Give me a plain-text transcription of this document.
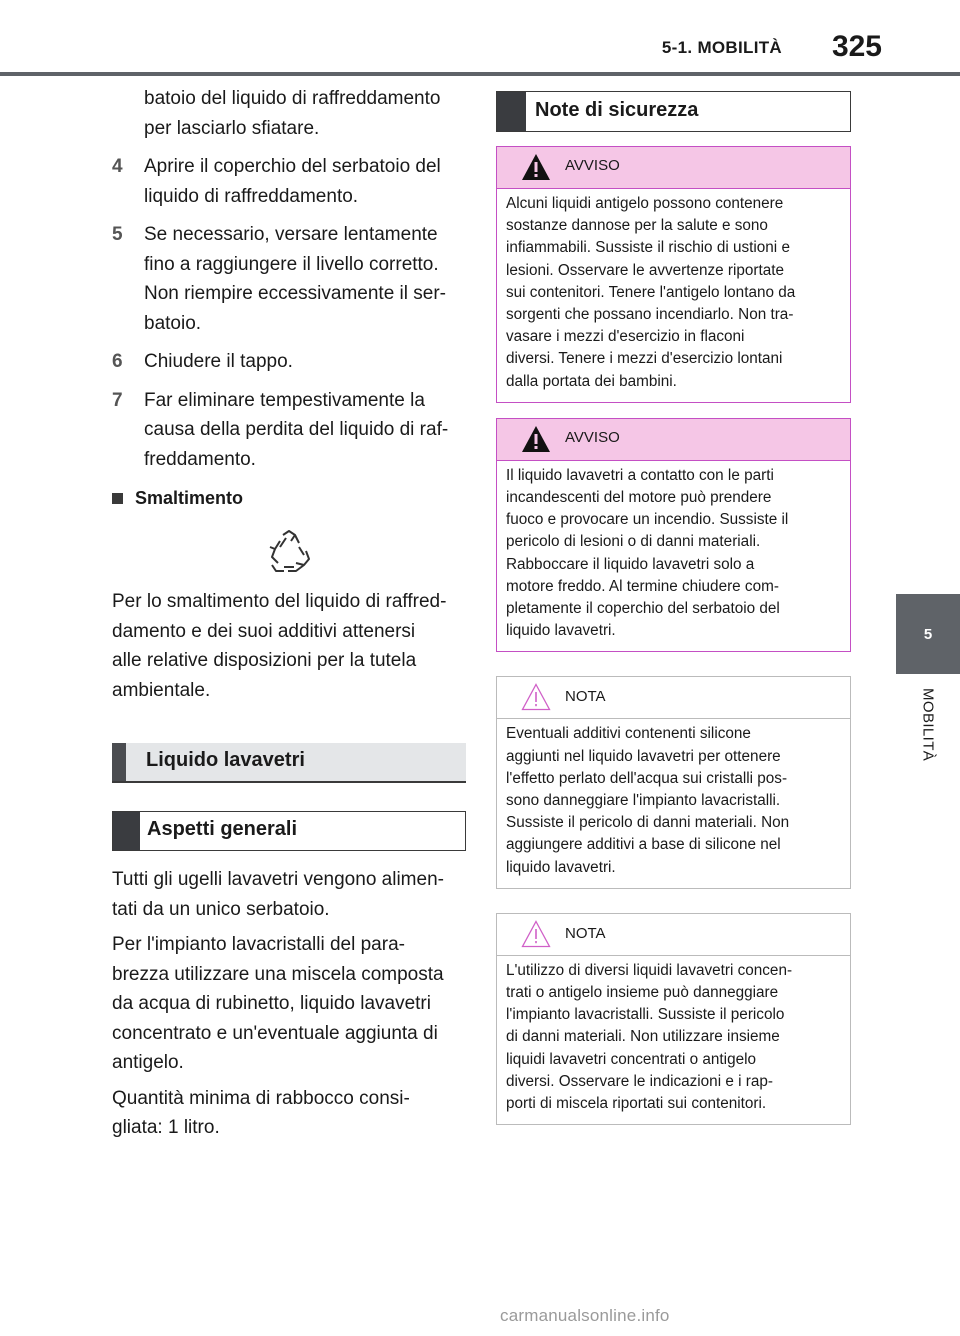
5-1. MOBILITÀ 325
5
MOBILITÀ
batoio del liquido di raffreddamento
per lasciarlo sfiatare.
4 Aprire il coperchio del serbatoio del
liquido di raffreddamento.
5 Se necessario, versare lentamente
fino a raggiungere il livello corretto.
Non riempire eccessivamente il ser-
batoio.
6 Chiudere il tappo.
7 Far eliminare tempestivamente la
causa della perdita del liquido di raf-
freddamento.
Smaltimento
Per lo smaltimento del liquido di raffred-
damento e dei suoi additivi attenersi
alle relative disposizioni per la tutela
ambientale.
Liquido lavavetri
Aspetti generali
Tutti gli ugelli lavavetri vengono alimen-
tati da un unico serbatoio.
Per l'impianto lavacristalli del para-
brezza utilizzare una miscela composta
da acqua di rubinetto, liquido lavavetri
concentrato e un'eventuale aggiunta di
antigelo.
Quantità minima di rabbocco consi-
gliata: 1 litro.
Note di sicurezza
AVVISO
Alcuni liquidi antigelo possono contenere
sostanze dannose per la salute e sono
infiammabili. Sussiste il rischio di ustioni e
lesioni. Osservare le avvertenze riportate
sui contenitori. Tenere l'antigelo lontano da
sorgenti che possano incendiarlo. Non tra-
vasare i mezzi d'esercizio in flaconi
diversi. Tenere i mezzi d'esercizio lontani
dalla portata dei bambini.
AVVISO
Il liquido lavavetri a contatto con le parti
incandescenti del motore può prendere
fuoco e provocare un incendio. Sussiste il
pericolo di lesioni o di danni materiali.
Rabboccare il liquido lavavetri solo a
motore freddo. Al termine chiudere com-
pletamente il coperchio del serbatoio del
liquido lavavetri.
NOTA
Eventuali additivi contenenti silicone
aggiunti nel liquido lavavetri per ottenere
l'effetto perlato dell'acqua sui cristalli pos-
sono danneggiare l'impianto lavacristalli.
Sussiste il pericolo di danni materiali. Non
aggiungere additivi a base di silicone nel
liquido lavavetri.
NOTA
L'utilizzo di diversi liquidi lavavetri concen-
trati o antigelo insieme può danneggiare
l'impianto lavacristalli. Sussiste il pericolo
di danni materiali. Non utilizzare insieme
liquidi lavavetri concentrati o antigelo
diversi. Osservare le indicazioni e i rap-
porti di miscela riportati sui contenitori.
carmanualsonline.info
